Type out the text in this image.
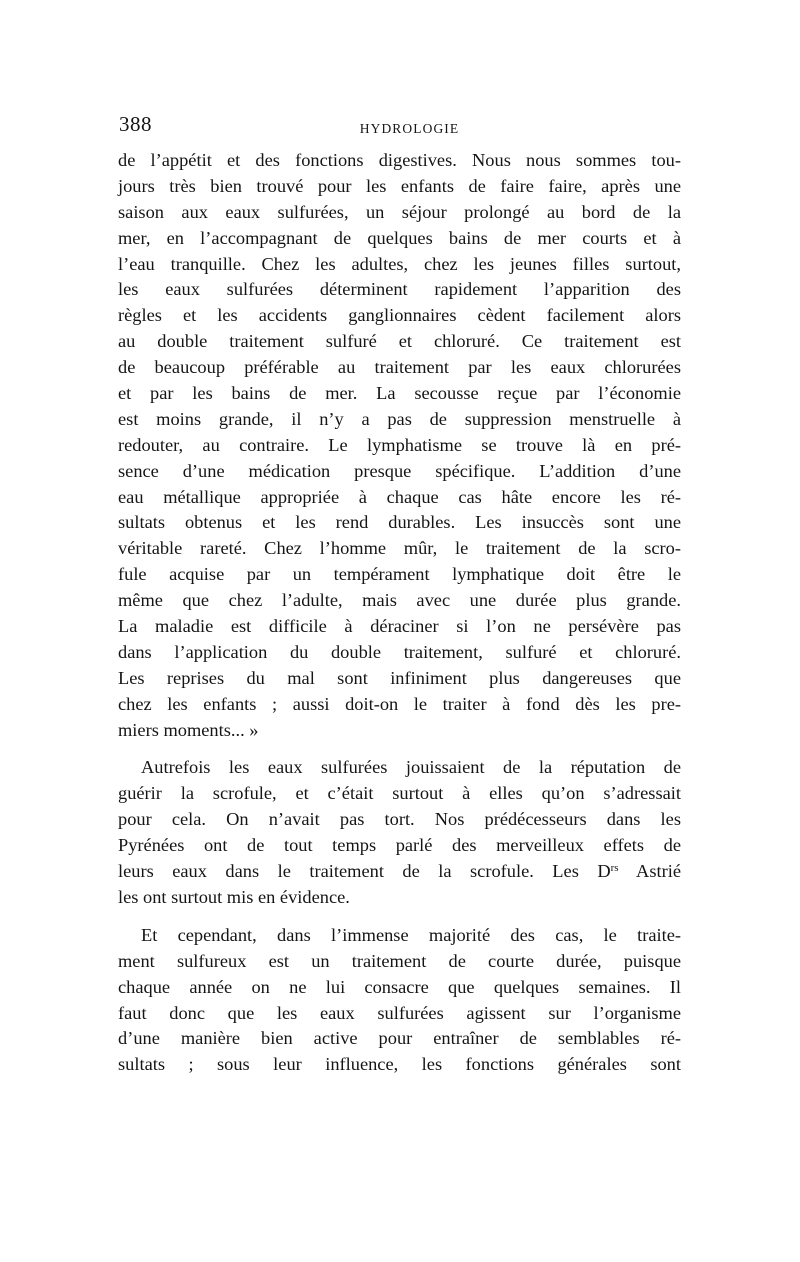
388	HYDROLOGIE

de l’appétit et des fonctions digestives. Nous nous sommes tou-
jours très bien trouvé pour les enfants de faire faire, après une
saison aux eaux sulfurées, un séjour prolongé au bord de la
mer, en l’accompagnant de quelques bains de mer courts et à
l’eau tranquille. Chez les adultes, chez les jeunes filles surtout,
les eaux sulfurées déterminent rapidement l’apparition des
règles et les accidents ganglionnaires cèdent facilement alors
au double traitement sulfuré et chloruré. Ce traitement est
de beaucoup préférable au traitement par les eaux chlorurées
et par les bains de mer. La secousse reçue par l’économie
est moins grande, il n’y a pas de suppression menstruelle à
redouter, au contraire. Le lymphatisme se trouve là en pré-
sence d’une médication presque spécifique. L’addition d’une
eau métallique appropriée à chaque cas hâte encore les ré-
sultats obtenus et les rend durables. Les insuccès sont une
véritable rareté. Chez l’homme mûr, le traitement de la scro-
fule acquise par un tempérament lymphatique doit être le
même que chez l’adulte, mais avec une durée plus grande.
La maladie est difficile à déraciner si l’on ne persévère pas
dans l’application du double traitement, sulfuré et chloruré.
Les reprises du mal sont infiniment plus dangereuses que
chez les enfants ; aussi doit-on le traiter à fond dès les pre-
miers moments... »

Autrefois les eaux sulfurées jouissaient de la réputation de
guérir la scrofule, et c’était surtout à elles qu’on s’adressait
pour cela. On n’avait pas tort. Nos prédécesseurs dans les
Pyrénées ont de tout temps parlé des merveilleux effets de
leurs eaux dans le traitement de la scrofule. Les $D^{rs}$ Astrié
les ont surtout mis en évidence.

Et cependant, dans l’immense majorité des cas, le traite-
ment sulfureux est un traitement de courte durée, puisque
chaque année on ne lui consacre que quelques semaines. Il
faut donc que les eaux sulfurées agissent sur l’organisme
d’une manière bien active pour entraîner de semblables ré-
sultats ; sous leur influence, les fonctions générales sont
